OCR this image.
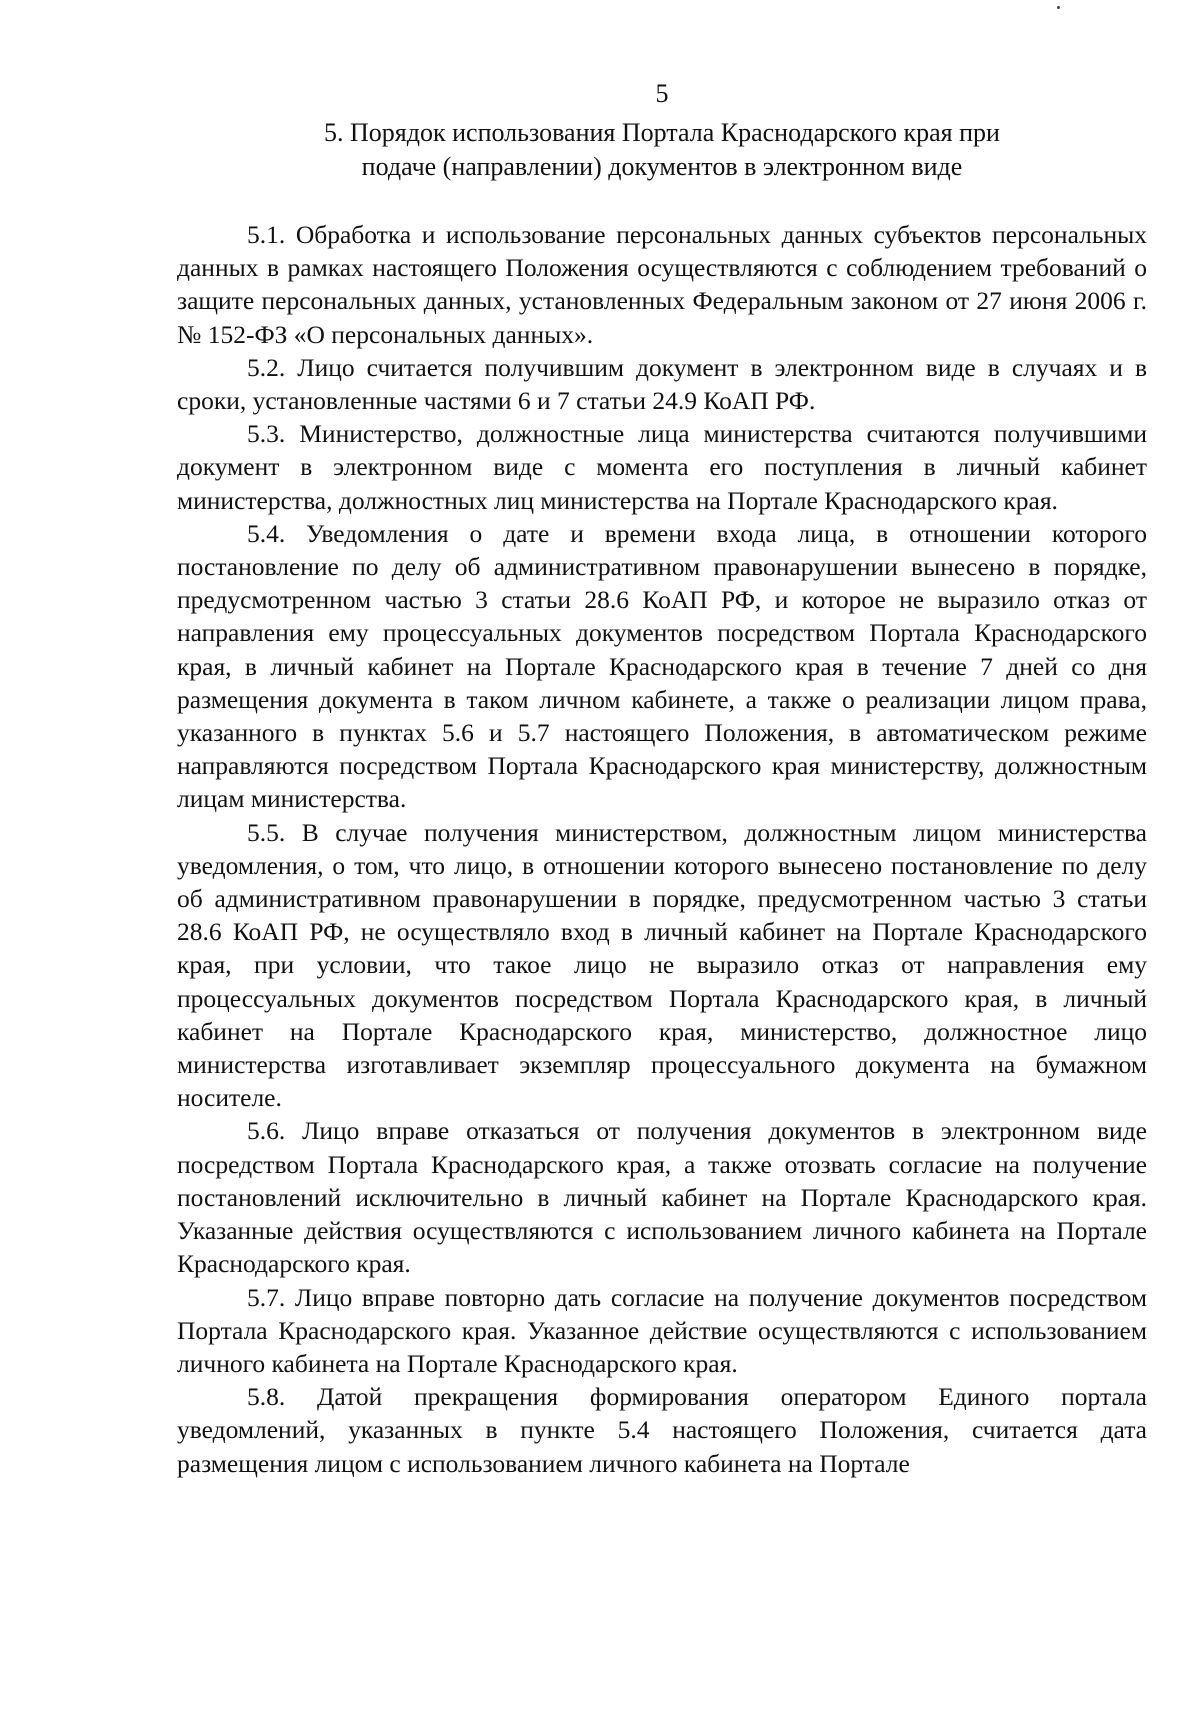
5
5. Порядок использования Портала Краснодарского края при
подаче (направлении) документов в электронном виде

5.1. Обработка и использование персональных данных субъектов персональных данных в рамках настоящего Положения осуществляются с соблюдением требований о защите персональных данных, установленных Федеральным законом от 27 июня 2006 г. № 152-ФЗ «О персональных данных».

5.2. Лицо считается получившим документ в электронном виде в случаях и в сроки, установленные частями 6 и 7 статьи 24.9 КоАП РФ.

5.3. Министерство, должностные лица министерства считаются получившими документ в электронном виде с момента его поступления в личный кабинет министерства, должностных лиц министерства на Портале Краснодарского края.

5.4. Уведомления о дате и времени входа лица, в отношении которого постановление по делу об административном правонарушении вынесено в порядке, предусмотренном частью 3 статьи 28.6 КоАП РФ, и которое не выразило отказ от направления ему процессуальных документов посредством Портала Краснодарского края, в личный кабинет на Портале Краснодарского края в течение 7 дней со дня размещения документа в таком личном кабинете, а также о реализации лицом права, указанного в пунктах 5.6 и 5.7 настоящего Положения, в автоматическом режиме направляются посредством Портала Краснодарского края министерству, должностным лицам министерства.

5.5. В случае получения министерством, должностным лицом министерства уведомления, о том, что лицо, в отношении которого вынесено постановление по делу об административном правонарушении в порядке, предусмотренном частью 3 статьи 28.6 КоАП РФ, не осуществляло вход в личный кабинет на Портале Краснодарского края, при условии, что такое лицо не выразило отказ от направления ему процессуальных документов посредством Портала Краснодарского края, в личный кабинет на Портале Краснодарского края, министерство, должностное лицо министерства изготавливает экземпляр процессуального документа на бумажном носителе.

5.6. Лицо вправе отказаться от получения документов в электронном виде посредством Портала Краснодарского края, а также отозвать согласие на получение постановлений исключительно в личный кабинет на Портале Краснодарского края. Указанные действия осуществляются с использованием личного кабинета на Портале Краснодарского края.

5.7. Лицо вправе повторно дать согласие на получение документов посредством Портала Краснодарского края. Указанное действие осуществляются с использованием личного кабинета на Портале Краснодарского края.

5.8. Датой прекращения формирования оператором Единого портала уведомлений, указанных в пункте 5.4 настоящего Положения, считается дата размещения лицом с использованием личного кабинета на Портале
